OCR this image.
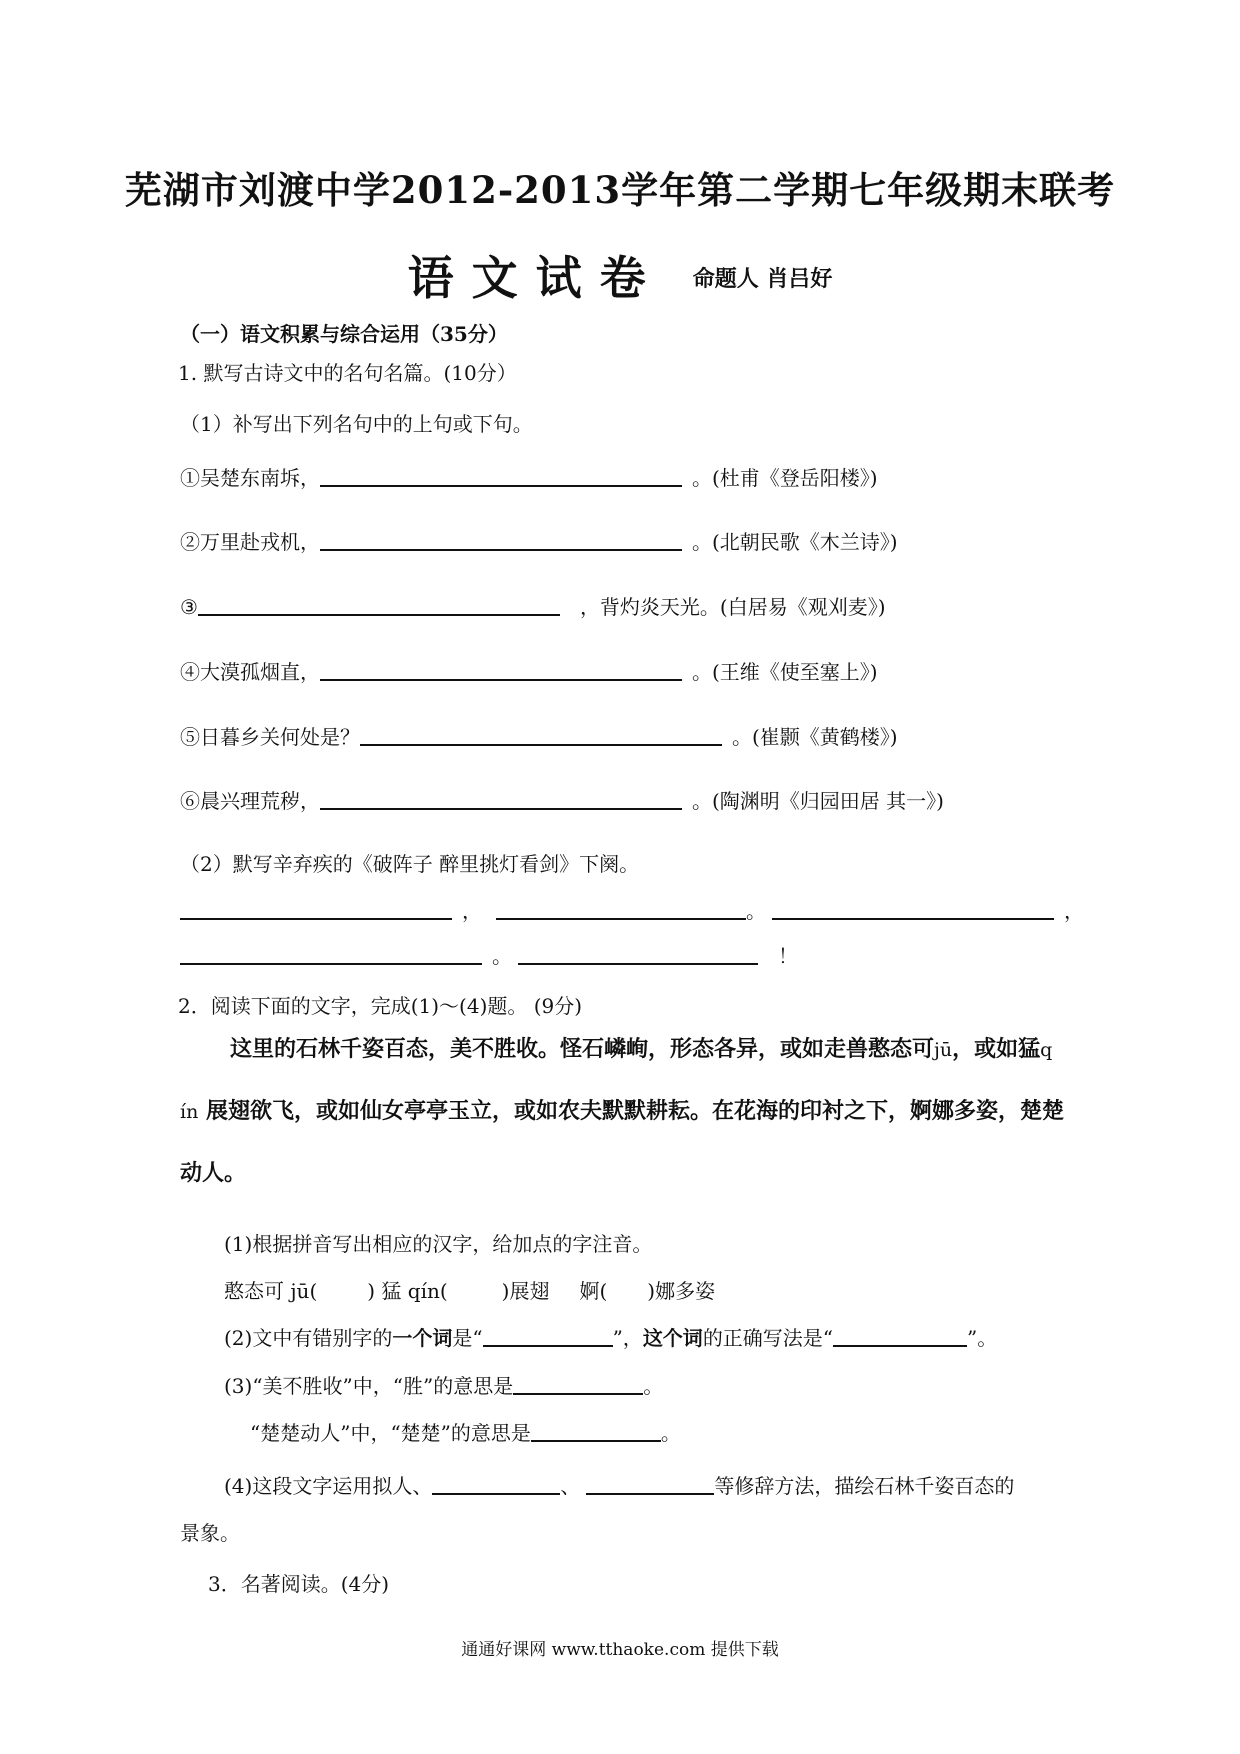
芜湖市刘渡中学2012-2013学年第二学期七年级期末联考
语文试卷 命题人 肖吕好
（一）语文积累与综合运用（35分）
1. 默写古诗文中的名句名篇。(10分）
（1）补写出下列名句中的上句或下句。
①吴楚东南坼，	。(杜甫《登岳阳楼》)
②万里赴戎机，	。(北朝民歌《木兰诗》)
③	，背灼炎天光。(白居易《观刈麦》)
④大漠孤烟直，	。(王维《使至塞上》)
⑤日暮乡关何处是？	。(崔颢《黄鹤楼》)
⑥晨兴理荒秽，	。(陶渊明《归园田居 其一》)
（2）默写辛弃疾的《破阵子 醉里挑灯看剑》下阕。
，	。	，
。	！
2．阅读下面的文字，完成(1)～(4)题。 (9分)
这里的石林千姿百态，美不胜收。怪石嶙峋，形态各异，或如走兽憨态可jū，或如猛q ín 展翅欲飞，或如仙女亭亭玉立，或如农夫默默耕耘。在花海的印衬之下，婀娜多姿，楚楚动人。
(1)根据拼音写出相应的汉字，给加点的字注音。
憨态可 jū(	) 猛 qín(	)展翅 婀( )娜多姿
(2)文中有错别字的一个词是“	”，这个词的正确写法是“	”。
(3)“美不胜收”中，“胜”的意思是	。
“楚楚动人”中，“楚楚”的意思是	。
(4)这段文字运用拟人、	、	等修辞方法，描绘石林千姿百态的
景象。
3．名著阅读。(4分)
通通好课网 www.tthaoke.com 提供下载
